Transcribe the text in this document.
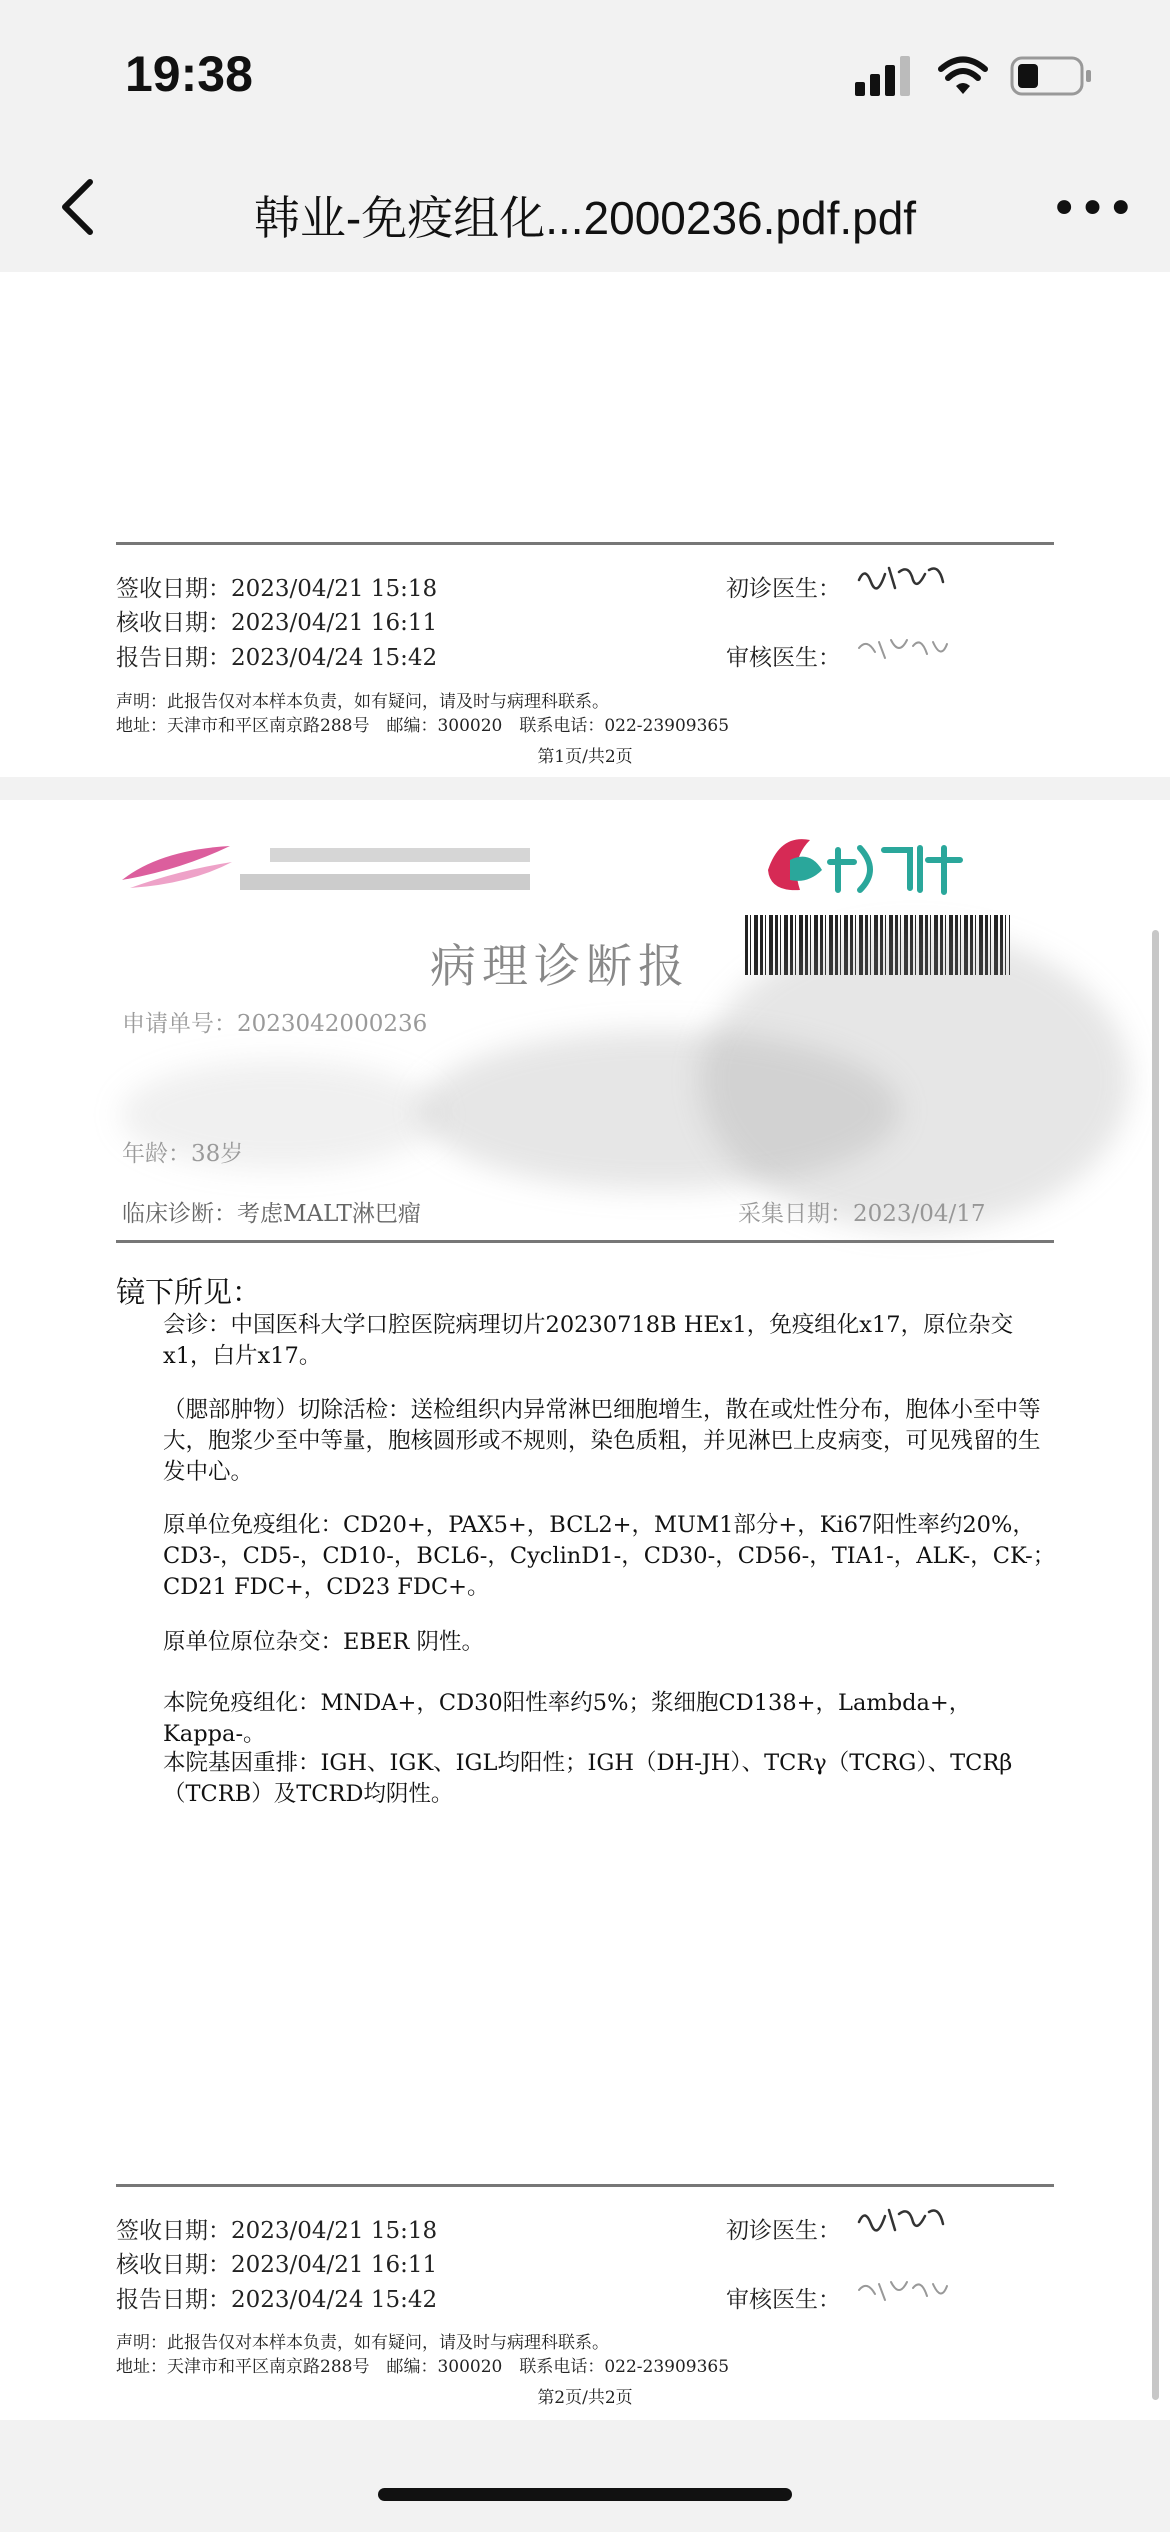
19:38
韩业-免疫组化...2000236.pdf.pdf	•••
签收日期：2023/04/21 15:18
核收日期：2023/04/21 16:11
报告日期：2023/04/24 15:42
初诊医生：
审核医生：
声明：此报告仅对本样本负责，如有疑问，请及时与病理科联系。
地址：天津市和平区南京路288号　邮编：300020　联系电话：022-23909365
第1页/共2页
病理诊断报
申请单号：2023042000236
年龄：38岁
临床诊断：考虑MALT淋巴瘤	采集日期：2023/04/17
镜下所见：
会诊：中国医科大学口腔医院病理切片20230718B HEx1，免疫组化x17，原位杂交x1，白片x17。
（腮部肿物）切除活检：送检组织内异常淋巴细胞增生，散在或灶性分布，胞体小至中等大，胞浆少至中等量，胞核圆形或不规则，染色质粗，并见淋巴上皮病变，可见残留的生发中心。
原单位免疫组化：CD20+，PAX5+，BCL2+，MUM1部分+，Ki67阳性率约20%，CD3-，CD5-，CD10-，BCL6-，CyclinD1-，CD30-，CD56-，TIA1-，ALK-，CK-；CD21 FDC+，CD23 FDC+。
原单位原位杂交：EBER 阴性。
本院免疫组化：MNDA+，CD30阳性率约5%；浆细胞CD138+，Lambda+，Kappa-。
本院基因重排：IGH、IGK、IGL均阳性；IGH（DH-JH）、TCRγ（TCRG）、TCRβ（TCRB）及TCRD均阴性。
签收日期：2023/04/21 15:18
核收日期：2023/04/21 16:11
报告日期：2023/04/24 15:42
初诊医生：
审核医生：
声明：此报告仅对本样本负责，如有疑问，请及时与病理科联系。
地址：天津市和平区南京路288号　邮编：300020　联系电话：022-23909365
第2页/共2页
